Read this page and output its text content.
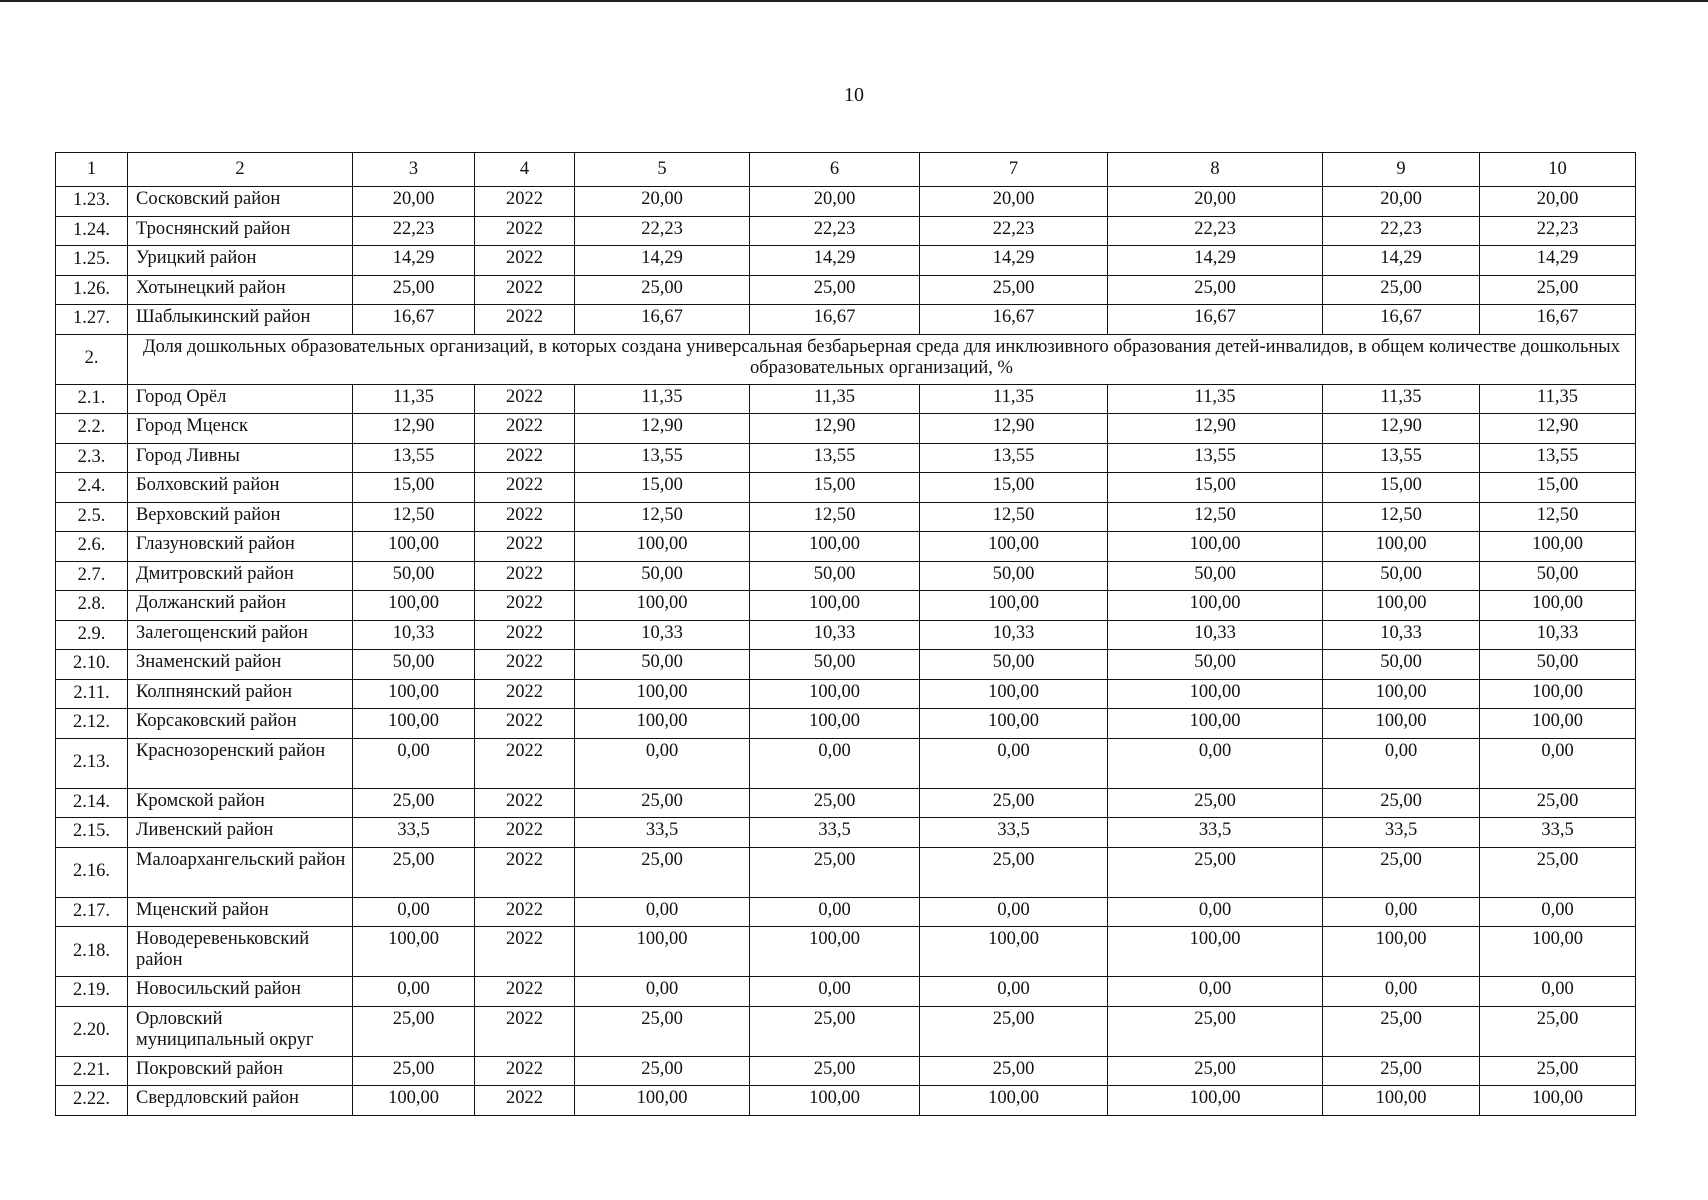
10
1	2	3	4	5	6	7	8	9	10
1.23.	Сосковский район	20,00	2022	20,00	20,00	20,00	20,00	20,00	20,00
1.24.	Троснянский район	22,23	2022	22,23	22,23	22,23	22,23	22,23	22,23
1.25.	Урицкий район	14,29	2022	14,29	14,29	14,29	14,29	14,29	14,29
1.26.	Хотынецкий район	25,00	2022	25,00	25,00	25,00	25,00	25,00	25,00
1.27.	Шаблыкинский район	16,67	2022	16,67	16,67	16,67	16,67	16,67	16,67
2.	Доля дошкольных образовательных организаций, в которых создана универсальная безбарьерная среда для инклюзивного образования детей-инвалидов, в общем количестве дошкольных образовательных организаций, %								
2.1.	Город Орёл	11,35	2022	11,35	11,35	11,35	11,35	11,35	11,35
2.2.	Город Мценск	12,90	2022	12,90	12,90	12,90	12,90	12,90	12,90
2.3.	Город Ливны	13,55	2022	13,55	13,55	13,55	13,55	13,55	13,55
2.4.	Болховский район	15,00	2022	15,00	15,00	15,00	15,00	15,00	15,00
2.5.	Верховский район	12,50	2022	12,50	12,50	12,50	12,50	12,50	12,50
2.6.	Глазуновский район	100,00	2022	100,00	100,00	100,00	100,00	100,00	100,00
2.7.	Дмитровский район	50,00	2022	50,00	50,00	50,00	50,00	50,00	50,00
2.8.	Должанский район	100,00	2022	100,00	100,00	100,00	100,00	100,00	100,00
2.9.	Залегощенский район	10,33	2022	10,33	10,33	10,33	10,33	10,33	10,33
2.10.	Знаменский район	50,00	2022	50,00	50,00	50,00	50,00	50,00	50,00
2.11.	Колпнянский район	100,00	2022	100,00	100,00	100,00	100,00	100,00	100,00
2.12.	Корсаковский район	100,00	2022	100,00	100,00	100,00	100,00	100,00	100,00
2.13.	Краснозоренский район	0,00	2022	0,00	0,00	0,00	0,00	0,00	0,00
2.14.	Кромской район	25,00	2022	25,00	25,00	25,00	25,00	25,00	25,00
2.15.	Ливенский район	33,5	2022	33,5	33,5	33,5	33,5	33,5	33,5
2.16.	Малоархангельский район	25,00	2022	25,00	25,00	25,00	25,00	25,00	25,00
2.17.	Мценский район	0,00	2022	0,00	0,00	0,00	0,00	0,00	0,00
2.18.	Новодеревеньковский район	100,00	2022	100,00	100,00	100,00	100,00	100,00	100,00
2.19.	Новосильский район	0,00	2022	0,00	0,00	0,00	0,00	0,00	0,00
2.20.	Орловский муниципальный округ	25,00	2022	25,00	25,00	25,00	25,00	25,00	25,00
2.21.	Покровский район	25,00	2022	25,00	25,00	25,00	25,00	25,00	25,00
2.22.	Свердловский район	100,00	2022	100,00	100,00	100,00	100,00	100,00	100,00
